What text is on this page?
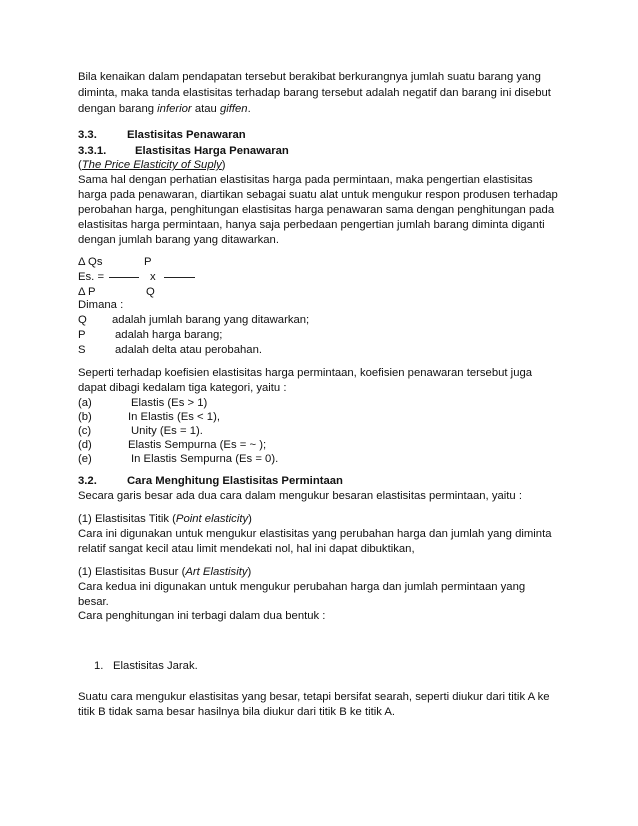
Bila kenaikan dalam pendapatan tersebut berakibat berkurangnya jumlah suatu barang yang
diminta, maka tanda elastisitas terhadap barang tersebut adalah negatif dan barang ini disebut
dengan barang inferior atau giffen.
3.3.	Elastisitas Penawaran
3.3.1.	Elastisitas Harga Penawaran
(The Price Elasticity of Suply)
Sama hal dengan perhatian elastisitas harga pada permintaan, maka pengertian elastisitas
harga pada penawaran, diartikan sebagai suatu alat untuk mengukur respon produsen terhadap
perobahan harga, penghitungan elastisitas harga penawaran sama dengan penghitungan pada
elastisitas harga permintaan, hanya saja perbedaan pengertian jumlah barang diminta diganti
dengan jumlah barang yang ditawarkan.
Δ Qs	P
Es. =	x
Δ P	Q
Dimana :
Q adalah jumlah barang yang ditawarkan;
P	adalah harga barang;
S	adalah delta atau perobahan.
Seperti terhadap koefisien elastisitas harga permintaan, koefisien penawaran tersebut juga
dapat dibagi kedalam tiga kategori, yaitu :
(a)	Elastis (Es > 1)
(b)	In Elastis (Es < 1),
(c)	Unity (Es = 1).
(d)	Elastis Sempurna (Es = ~ );
(e)	In Elastis Sempurna (Es = 0).
3.2.	Cara Menghitung Elastisitas Permintaan
Secara garis besar ada dua cara dalam mengukur besaran elastisitas permintaan, yaitu :
(1) Elastisitas Titik (Point elasticity)
Cara ini digunakan untuk mengukur elastisitas yang perubahan harga dan jumlah yang diminta
relatif sangat kecil atau limit mendekati nol, hal ini dapat dibuktikan,
(1) Elastisitas Busur (Art Elastisity)
Cara kedua ini digunakan untuk mengukur perubahan harga dan jumlah permintaan yang
besar.
Cara penghitungan ini terbagi dalam dua bentuk :
1. Elastisitas Jarak.
Suatu cara mengukur elastisitas yang besar, tetapi bersifat searah, seperti diukur dari titik A ke
titik B tidak sama besar hasilnya bila diukur dari titik B ke titik A.
